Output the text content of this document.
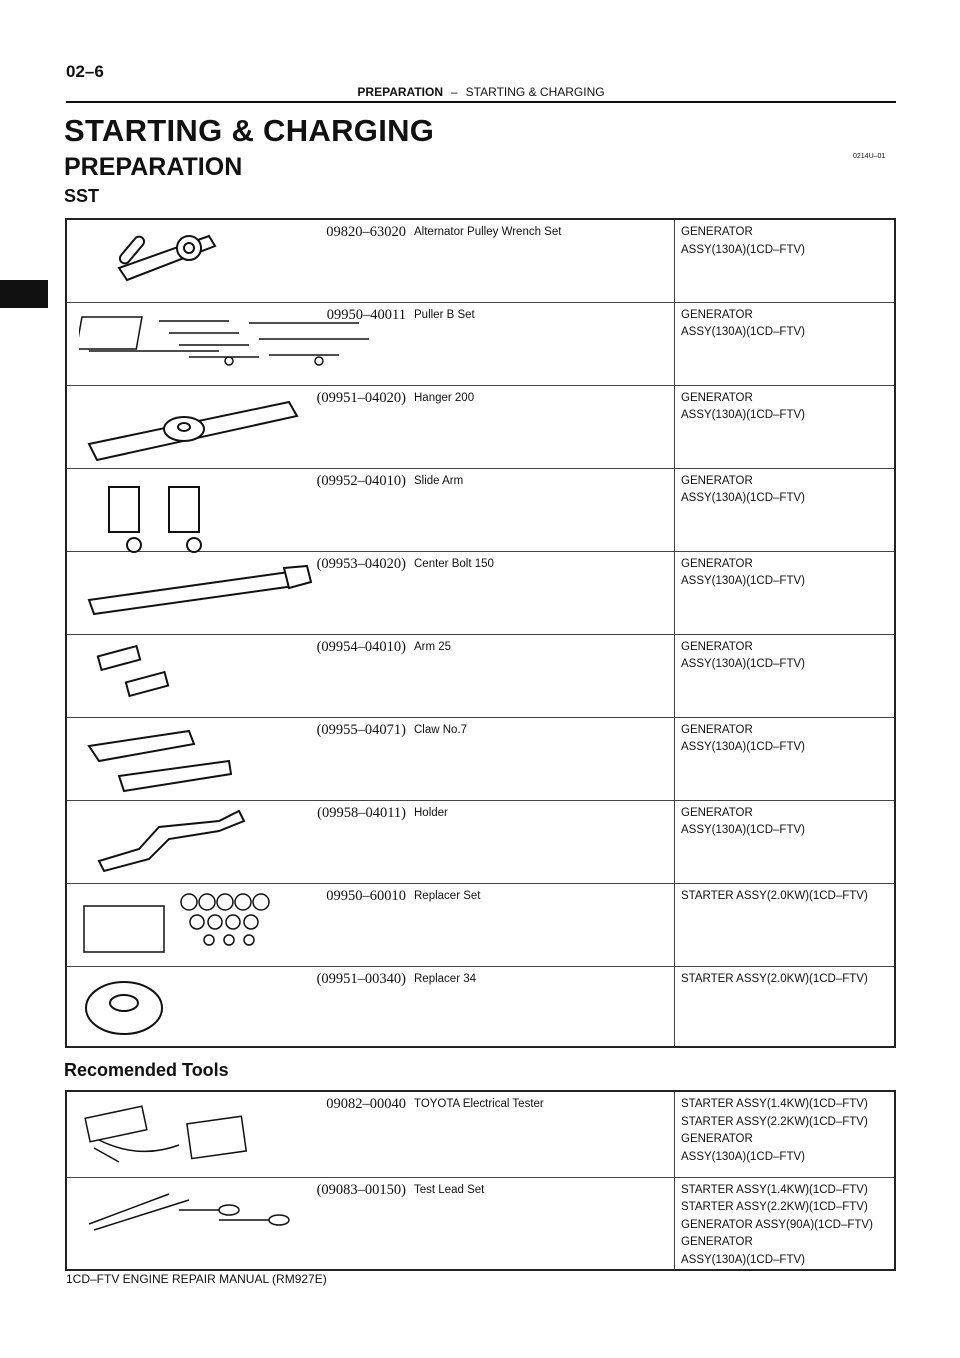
02–6
PREPARATION – STARTING & CHARGING
STARTING & CHARGING
PREPARATION	0214U–01
SST
09820–63020	Alternator Pulley Wrench Set	GENERATOR
ASSY(130A)(1CD–FTV)

09950–40011	Puller B Set	GENERATOR
ASSY(130A)(1CD–FTV)

(09951–04020)	Hanger 200	GENERATOR
ASSY(130A)(1CD–FTV)

(09952–04010)	Slide Arm	GENERATOR
ASSY(130A)(1CD–FTV)

(09953–04020)	Center Bolt 150	GENERATOR
ASSY(130A)(1CD–FTV)

(09954–04010)	Arm 25	GENERATOR
ASSY(130A)(1CD–FTV)

(09955–04071)	Claw No.7	GENERATOR
ASSY(130A)(1CD–FTV)

(09958–04011)	Holder	GENERATOR
ASSY(130A)(1CD–FTV)

09950–60010	Replacer Set	STARTER ASSY(2.0KW)(1CD–FTV)

(09951–00340)	Replacer 34	STARTER ASSY(2.0KW)(1CD–FTV)
Recomended Tools
09082–00040	TOYOTA Electrical Tester	STARTER ASSY(1.4KW)(1CD–FTV)
STARTER ASSY(2.2KW)(1CD–FTV)
GENERATOR
ASSY(130A)(1CD–FTV)

(09083–00150)	Test Lead Set	STARTER ASSY(1.4KW)(1CD–FTV)
STARTER ASSY(2.2KW)(1CD–FTV)
GENERATOR ASSY(90A)(1CD–FTV)
GENERATOR
ASSY(130A)(1CD–FTV)
1CD–FTV ENGINE REPAIR MANUAL (RM927E)
